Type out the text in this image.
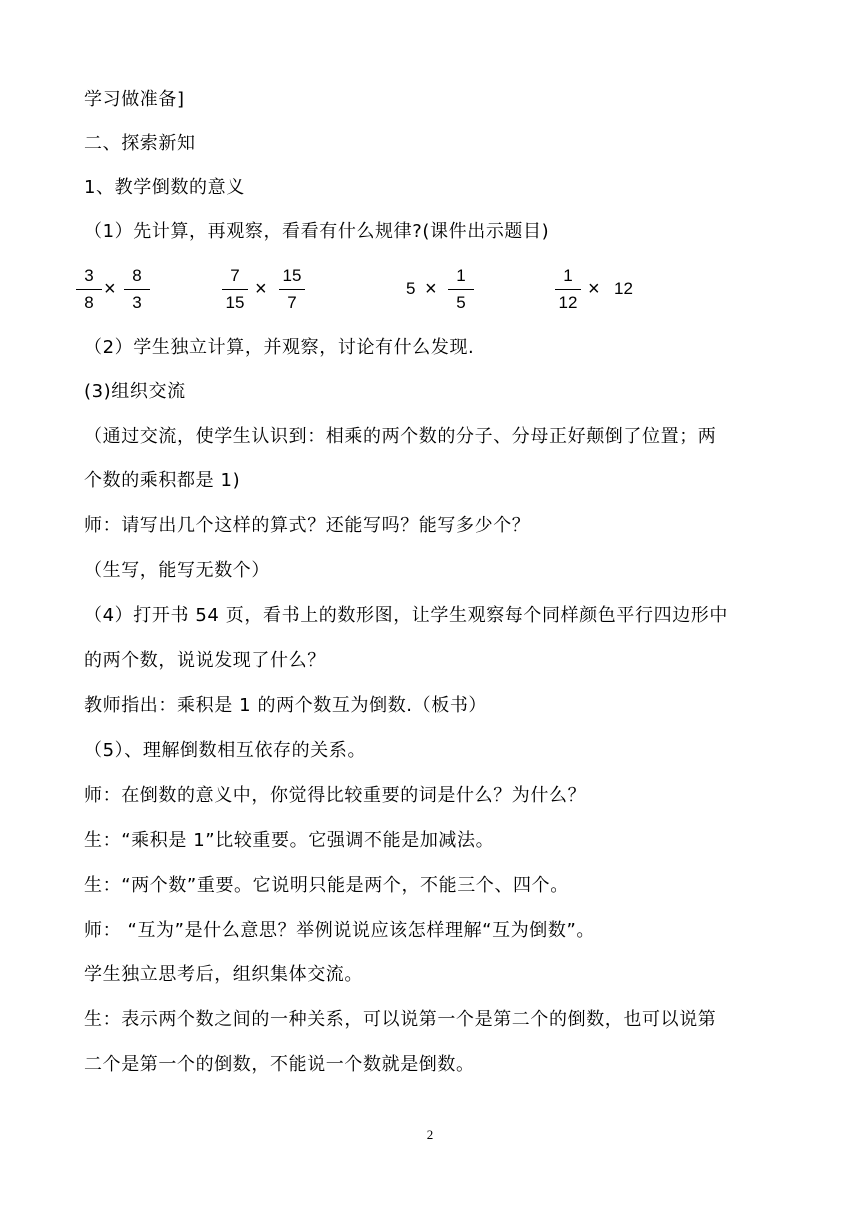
学习做准备]
二、探索新知
1、教学倒数的意义
（1）先计算，再观察，看看有什么规律?(课件出示题目)
3
8
×
8
3
7
15
×
15
7
5 ×
1
5
1
12
× 12
（2）学生独立计算，并观察，讨论有什么发现.
(3)组织交流
（通过交流，使学生认识到：相乘的两个数的分子、分母正好颠倒了位置；两
个数的乘积都是 1)
师：请写出几个这样的算式？还能写吗？能写多少个？
（生写，能写无数个）
（4）打开书 54 页，看书上的数形图，让学生观察每个同样颜色平行四边形中
的两个数，说说发现了什么？
教师指出：乘积是 1 的两个数互为倒数.（板书）
（5）、理解倒数相互依存的关系。
师：在倒数的意义中，你觉得比较重要的词是什么？为什么？
生：“乘积是 1”比较重要。它强调不能是加减法。
生：“两个数”重要。它说明只能是两个，不能三个、四个。
师： “互为”是什么意思？举例说说应该怎样理解“互为倒数”。
学生独立思考后，组织集体交流。
生：表示两个数之间的一种关系，可以说第一个是第二个的倒数，也可以说第
二个是第一个的倒数，不能说一个数就是倒数。
2
